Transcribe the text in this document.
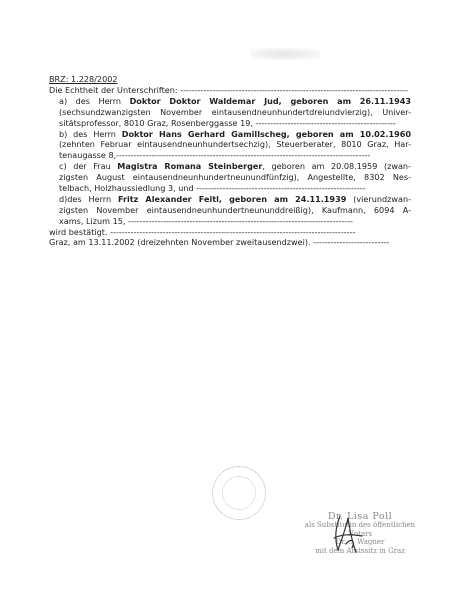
BRZ: 1.228/2002
Die Echtheit der Unterschriften: ------------------------------------------------------------------------------
a) des Herrn Doktor Doktor Waldemar Jud, geboren am 26.11.1943
(sechsundzwanzigsten November eintausendneunhundertdreiundvierzig), Univer-
sitätsprofessor, 8010 Graz, Rosenberggasse 19, ------------------------------------------------
b) des Herrn Doktor Hans Gerhard Gamillscheg, geboren am 10.02.1960
(zehnten Februar eintausendneunhundertsechzig), Steuerberater, 8010 Graz, Har-
tenaugasse 8,---------------------------------------------------------------------------------------
c) der Frau Magistra Romana Steinberger, geboren am 20.08.1959 (zwan-
zigsten August eintausendneunhundertneunundfünfzig), Angestellte, 8302 Nes-
telbach, Holzhaussiedlung 3, und ----------------------------------------------------------
d)des Herrn Fritz Alexander Feitl, geboren am 24.11.1939 (vierundzwan-
zigsten November eintausendneunhundertneununddreißig), Kaufmann, 6094 A-
xams, Lizum 15, -----------------------------------------------------------------------------
wird bestätigt. ------------------------------------------------------------------------------------
Graz, am 13.11.2002 (dreizehnten November zweitausendzwei). --------------------------
Dr. Lisa Poll
als Substitutin des öffentlichen Notars
Dr. ... Wagner
mit dem Amtssitz in Graz
